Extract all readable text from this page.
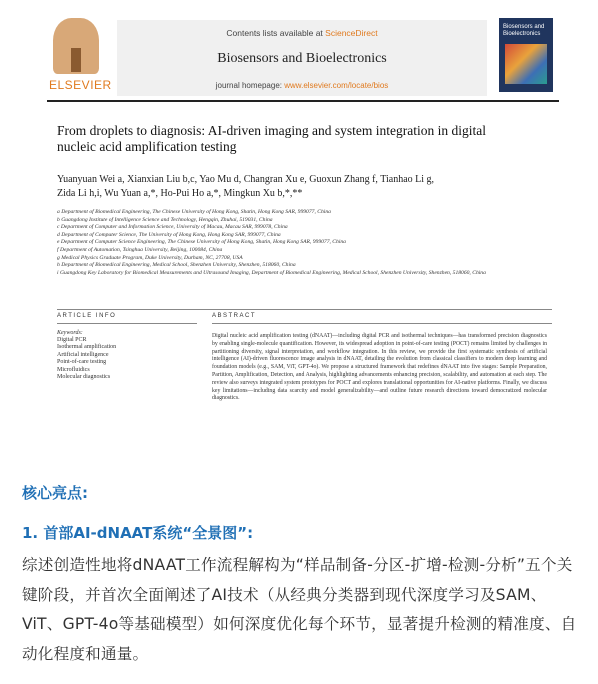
ELSEVIER
Contents lists available at ScienceDirect
Biosensors and Bioelectronics
journal homepage: www.elsevier.com/locate/bios
Biosensors and Bioelectronics
From droplets to diagnosis: AI-driven imaging and system integration in digital nucleic acid amplification testing
Yuanyuan Wei a, Xianxian Liu b,c, Yao Mu d, Changran Xu e, Guoxun Zhang f, Tianhao Li g,
Zida Li h,i, Wu Yuan a,*, Ho-Pui Ho a,*, Mingkun Xu b,*,**
a Department of Biomedical Engineering, The Chinese University of Hong Kong, Shatin, Hong Kong SAR, 999077, China
b Guangdong Institute of Intelligence Science and Technology, Hengqin, Zhuhai, 519031, China
c Department of Computer and Information Science, University of Macau, Macau SAR, 999078, China
d Department of Computer Science, The University of Hong Kong, Hong Kong SAR, 999077, China
e Department of Computer Science Engineering, The Chinese University of Hong Kong, Shatin, Hong Kong SAR, 999077, China
f Department of Automation, Tsinghua University, Beijing, 100084, China
g Medical Physics Graduate Program, Duke University, Durham, NC, 27708, USA
h Department of Biomedical Engineering, Medical School, Shenzhen University, Shenzhen, 518060, China
i Guangdong Key Laboratory for Biomedical Measurements and Ultrasound Imaging, Department of Biomedical Engineering, Medical School, Shenzhen University, Shenzhen, 518060, China
ARTICLE INFO
Keywords:
Digital PCR
Isothermal amplification
Artificial intelligence
Point-of-care testing
Microfluidics
Molecular diagnostics
ABSTRACT
Digital nucleic acid amplification testing (dNAAT)—including digital PCR and isothermal techniques—has transformed precision diagnostics by enabling single-molecule quantification. However, its widespread adoption in point-of-care testing (POCT) remains limited by challenges in partitioning diversity, signal interpretation, and workflow integration. In this review, we provide the first systematic synthesis of artificial intelligence (AI)-driven fluorescence image analysis in dNAAT, detailing the evolution from classical classifiers to modern deep learning and foundation models (e.g., SAM, ViT, GPT-4o). We propose a structured framework that redefines dNAAT into five stages: Sample Preparation, Partition, Amplification, Detection, and Analysis, highlighting advancements enhancing precision, scalability, and automation at each step. The review also surveys integrated system prototypes for POCT and explores translational opportunities for AI-native platforms. Finally, we discuss key limitations—including data scarcity and model generalizability—and outline future research directions toward democratized molecular diagnostics.
核心亮点:
1. 首部AI-dNAAT系统“全景图”:
综述创造性地将dNAAT工作流程解构为“样品制备-分区-扩增-检测-分析”五个关键阶段，并首次全面阐述了AI技术（从经典分类器到现代深度学习及SAM、ViT、GPT-4o等基础模型）如何深度优化每个环节，显著提升检测的精准度、自动化程度和通量。
